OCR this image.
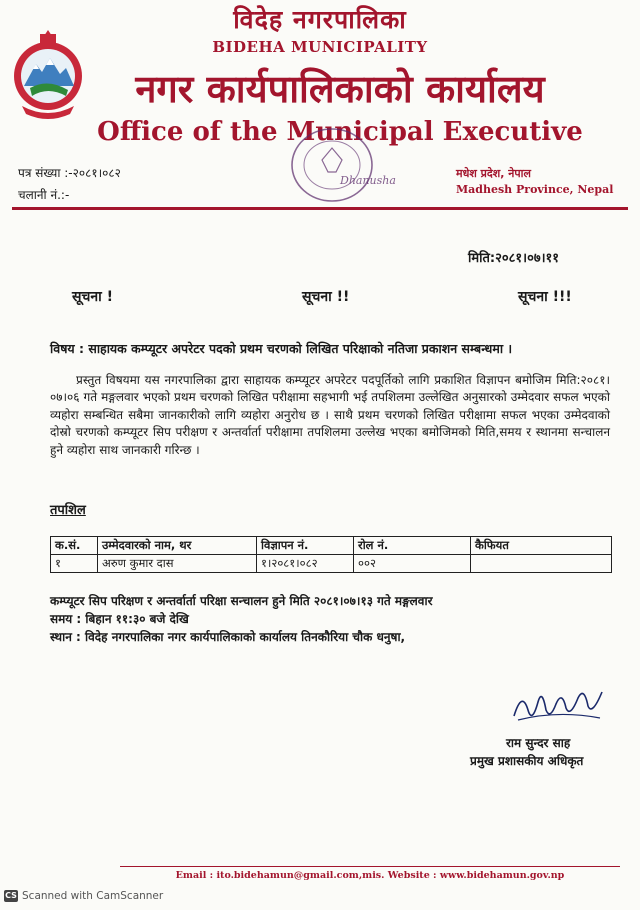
विदेह नगरपालिका
BIDEHA MUNICIPALITY
नगर कार्यपालिकाको कार्यालय
Office of the Municipal Executive
Dhanusha
पत्र संख्या :-२०८१।०८२
चलानी नं.:-
मधेश प्रदेश, नेपाल
Madhesh Province, Nepal
मिति:२०८१।०७।११
सूचना !	सूचना !!	सूचना !!!
विषय : साहायक कम्प्यूटर अपरेटर पदको प्रथम चरणको लिखित परिक्षाको नतिजा प्रकाशन सम्बन्धमा ।
प्रस्तुत विषयमा यस नगरपालिका द्वारा साहायक कम्प्यूटर अपरेटर पदपूर्तिको लागि प्रकाशित विज्ञापन बमोजिम मिति:२०८१।०७।०६ गते मङ्गलवार भएको प्रथम चरणको लिखित परीक्षामा सहभागी भई तपशिलमा उल्लेखित अनुसारको उम्मेदवार सफल भएको व्यहोरा सम्बन्धित सबैमा जानकारीको लागि व्यहोरा अनुरोध छ । साथै प्रथम चरणको लिखित परीक्षामा सफल भएका उम्मेदवाको दोस्रो चरणको कम्प्यूटर सिप परीक्षण र अन्तर्वार्ता परीक्षामा तपशिलमा उल्लेख भएका बमोजिमको मिति,समय र स्थानमा सन्चालन हुने व्यहोरा साथ जानकारी गरिन्छ ।
तपशिल
क.सं.	उम्मेदवारको नाम, थर	विज्ञापन नं.	रोल नं.	कैफियत
१	अरुण कुमार दास	१।२०८१।०८२	००२	
कम्प्यूटर सिप परिक्षण र अन्तर्वार्ता परिक्षा सन्चालन हुने मिति २०८१।०७।१३ गते मङ्गलवार
समय : बिहान ११:३० बजे देखि
स्थान : विदेह नगरपालिका नगर कार्यपालिकाको कार्यालय तिनकौरिया चौक धनुषा,
राम सुन्दर साह
प्रमुख प्रशासकीय अधिकृत
Email : ito.bidehamun@gmail.com,mis. Website : www.bidehamun.gov.np
CS Scanned with CamScanner
